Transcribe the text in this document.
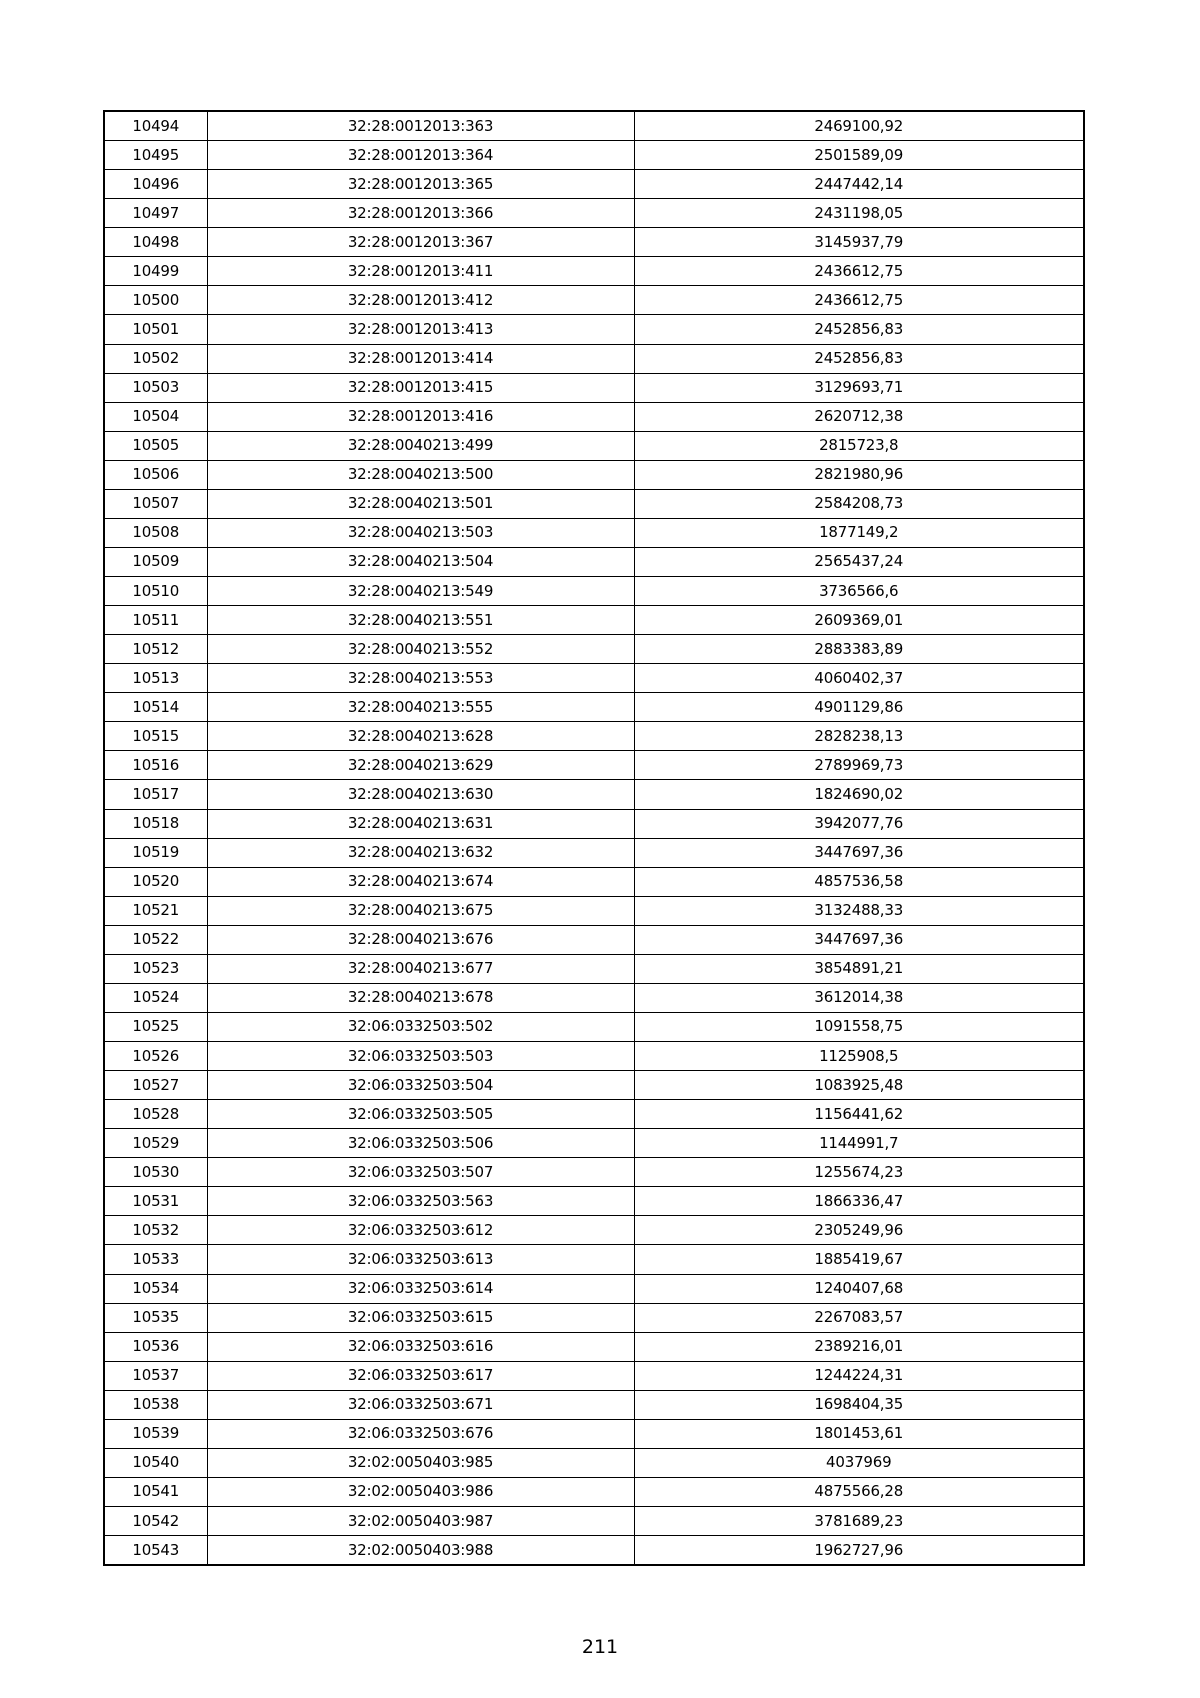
10494	32:28:0012013:363	2469100,92
10495	32:28:0012013:364	2501589,09
10496	32:28:0012013:365	2447442,14
10497	32:28:0012013:366	2431198,05
10498	32:28:0012013:367	3145937,79
10499	32:28:0012013:411	2436612,75
10500	32:28:0012013:412	2436612,75
10501	32:28:0012013:413	2452856,83
10502	32:28:0012013:414	2452856,83
10503	32:28:0012013:415	3129693,71
10504	32:28:0012013:416	2620712,38
10505	32:28:0040213:499	2815723,8
10506	32:28:0040213:500	2821980,96
10507	32:28:0040213:501	2584208,73
10508	32:28:0040213:503	1877149,2
10509	32:28:0040213:504	2565437,24
10510	32:28:0040213:549	3736566,6
10511	32:28:0040213:551	2609369,01
10512	32:28:0040213:552	2883383,89
10513	32:28:0040213:553	4060402,37
10514	32:28:0040213:555	4901129,86
10515	32:28:0040213:628	2828238,13
10516	32:28:0040213:629	2789969,73
10517	32:28:0040213:630	1824690,02
10518	32:28:0040213:631	3942077,76
10519	32:28:0040213:632	3447697,36
10520	32:28:0040213:674	4857536,58
10521	32:28:0040213:675	3132488,33
10522	32:28:0040213:676	3447697,36
10523	32:28:0040213:677	3854891,21
10524	32:28:0040213:678	3612014,38
10525	32:06:0332503:502	1091558,75
10526	32:06:0332503:503	1125908,5
10527	32:06:0332503:504	1083925,48
10528	32:06:0332503:505	1156441,62
10529	32:06:0332503:506	1144991,7
10530	32:06:0332503:507	1255674,23
10531	32:06:0332503:563	1866336,47
10532	32:06:0332503:612	2305249,96
10533	32:06:0332503:613	1885419,67
10534	32:06:0332503:614	1240407,68
10535	32:06:0332503:615	2267083,57
10536	32:06:0332503:616	2389216,01
10537	32:06:0332503:617	1244224,31
10538	32:06:0332503:671	1698404,35
10539	32:06:0332503:676	1801453,61
10540	32:02:0050403:985	4037969
10541	32:02:0050403:986	4875566,28
10542	32:02:0050403:987	3781689,23
10543	32:02:0050403:988	1962727,96
211
